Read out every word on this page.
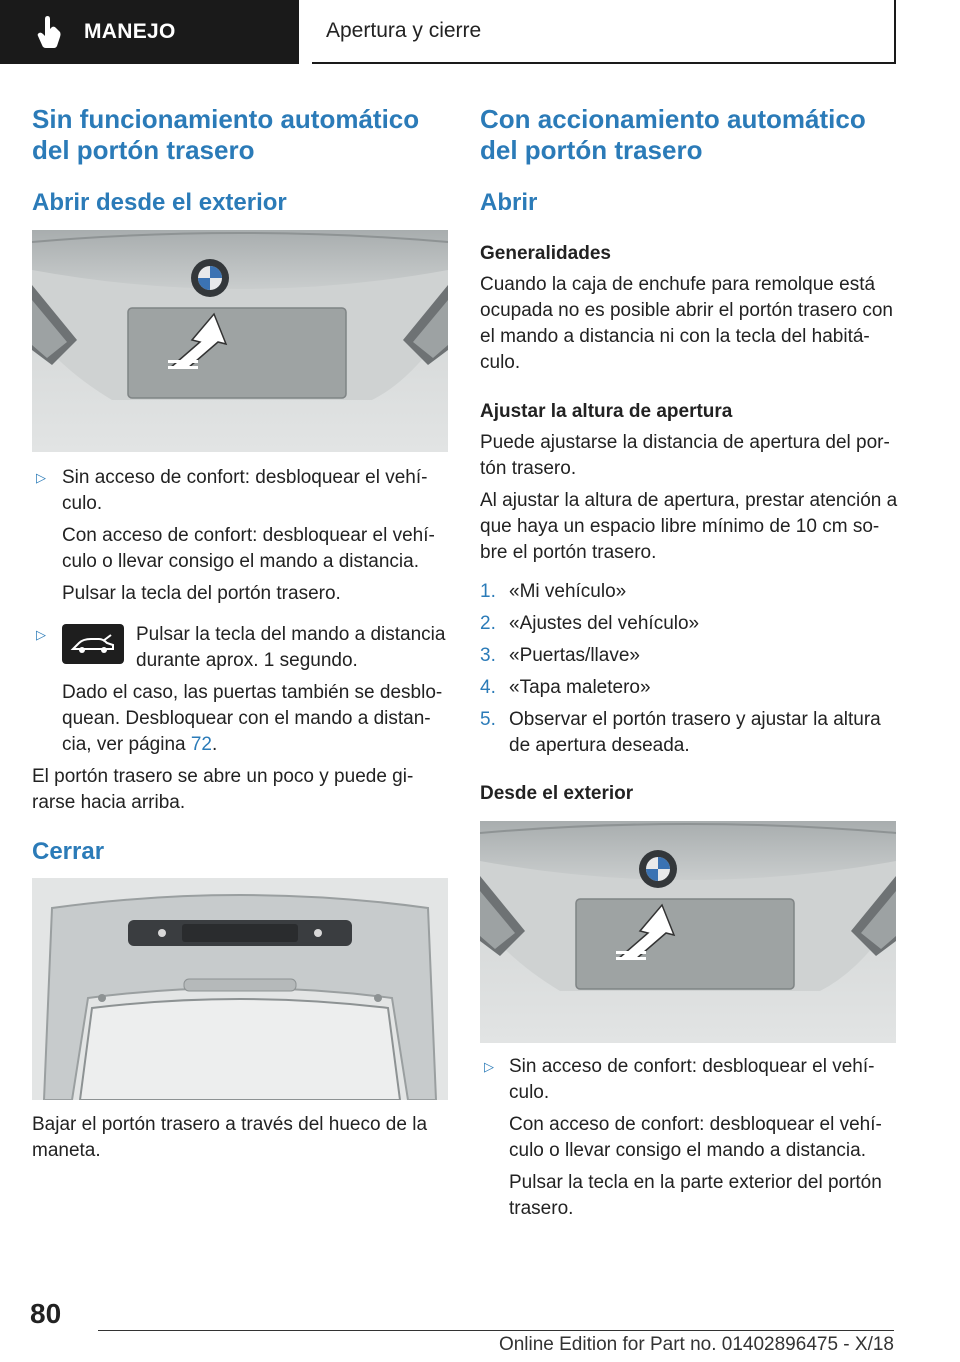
MANEJO	Apertura y cierre
Sin funcionamiento automático del portón trasero
Abrir desde el exterior
▷ Sin acceso de confort: desbloquear el vehí-
culo.
Con acceso de confort: desbloquear el vehí-
culo o llevar consigo el mando a distancia.
Pulsar la tecla del portón trasero.
▷	Pulsar la tecla del mando a distancia
durante aprox. 1 segundo.
Dado el caso, las puertas también se desblo-
quean. Desbloquear con el mando a distan-
cia, ver página 72.
El portón trasero se abre un poco y puede gi-
rarse hacia arriba.
Cerrar
Bajar el portón trasero a través del hueco de la
maneta.
Con accionamiento automático del portón trasero
Abrir
Generalidades
Cuando la caja de enchufe para remolque está
ocupada no es posible abrir el portón trasero con
el mando a distancia ni con la tecla del habitá-
culo.
Ajustar la altura de apertura
Puede ajustarse la distancia de apertura del por-
tón trasero.
Al ajustar la altura de apertura, prestar atención a
que haya un espacio libre mínimo de 10 cm so-
bre el portón trasero.
1. «Mi vehículo»
2. «Ajustes del vehículo»
3. «Puertas/llave»
4. «Tapa maletero»
5. Observar el portón trasero y ajustar la altura
de apertura deseada.
Desde el exterior
▷ Sin acceso de confort: desbloquear el vehí-
culo.
Con acceso de confort: desbloquear el vehí-
culo o llevar consigo el mando a distancia.
Pulsar la tecla en la parte exterior del portón
trasero.
80
Online Edition for Part no. 01402896475 - X/18
